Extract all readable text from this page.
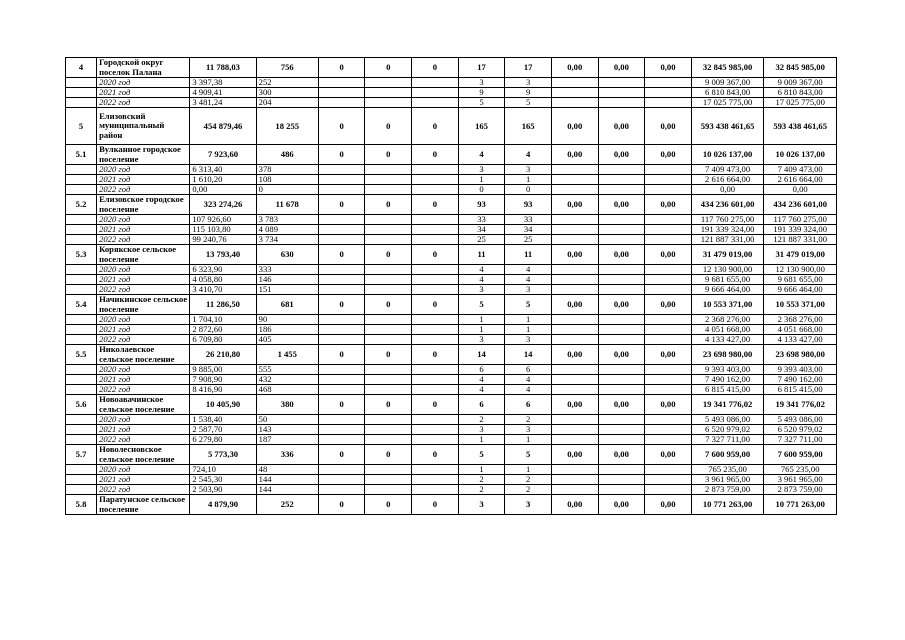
4	Городской округ поселок Палана	11 788,03	756	0	0	0	17	17	0,00	0,00	0,00	32 845 985,00	32 845 985,00
	2020 год	3 397,38	252				3	3				9 009 367,00	9 009 367,00
	2021 год	4 909,41	300				9	9				6 810 843,00	6 810 843,00
	2022 год	3 481,24	204				5	5				17 025 775,00	17 025 775,00
5	Елизовский муниципальный район	454 879,46	18 255	0	0	0	165	165	0,00	0,00	0,00	593 438 461,65	593 438 461,65
5.1	Вулканное городское поселение	7 923,60	486	0	0	0	4	4	0,00	0,00	0,00	10 026 137,00	10 026 137,00
	2020 год	6 313,40	378				3	3				7 409 473,00	7 409 473,00
	2021 год	1 610,20	108				1	1				2 616 664,00	2 616 664,00
	2022 год	0,00	0				0	0				0,00	0,00
5.2	Елизовское городское поселение	323 274,26	11 678	0	0	0	93	93	0,00	0,00	0,00	434 236 601,00	434 236 601,00
	2020 год	107 926,60	3 783				33	33				117 760 275,00	117 760 275,00
	2021 год	115 103,80	4 089				34	34				191 339 324,00	191 339 324,00
	2022 год	99 240,76	3 734				25	25				121 887 331,00	121 887 331,00
5.3	Корякское сельское поселение	13 793,40	630	0	0	0	11	11	0,00	0,00	0,00	31 479 019,00	31 479 019,00
	2020 год	6 323,90	333				4	4				12 130 900,00	12 130 900,00
	2021 год	4 058,80	146				4	4				9 681 655,00	9 681 655,00
	2022 год	3 410,70	151				3	3				9 666 464,00	9 666 464,00
5.4	Начикинское сельское поселение	11 286,50	681	0	0	0	5	5	0,00	0,00	0,00	10 553 371,00	10 553 371,00
	2020 год	1 704,10	90				1	1				2 368 276,00	2 368 276,00
	2021 год	2 872,60	186				1	1				4 051 668,00	4 051 668,00
	2022 год	6 709,80	405				3	3				4 133 427,00	4 133 427,00
5.5	Николаевское сельское поселение	26 210,80	1 455	0	0	0	14	14	0,00	0,00	0,00	23 698 980,00	23 698 980,00
	2020 год	9 885,00	555				6	6				9 393 403,00	9 393 403,00
	2021 год	7 908,90	432				4	4				7 490 162,00	7 490 162,00
	2022 год	8 416,90	468				4	4				6 815 415,00	6 815 415,00
5.6	Новоавачинское сельское поселение	10 405,90	380	0	0	0	6	6	0,00	0,00	0,00	19 341 776,02	19 341 776,02
	2020 год	1 538,40	50				2	2				5 493 086,00	5 493 086,00
	2021 год	2 587,70	143				3	3				6 520 979,02	6 520 979,02
	2022 год	6 279,80	187				1	1				7 327 711,00	7 327 711,00
5.7	Новолесновское сельское поселение	5 773,30	336	0	0	0	5	5	0,00	0,00	0,00	7 600 959,00	7 600 959,00
	2020 год	724,10	48				1	1				765 235,00	765 235,00
	2021 год	2 545,30	144				2	2				3 961 965,00	3 961 965,00
	2022 год	2 503,90	144				2	2				2 873 759,00	2 873 759,00
5.8	Паратунское сельское поселение	4 879,90	252	0	0	0	3	3	0,00	0,00	0,00	10 771 263,00	10 771 263,00
